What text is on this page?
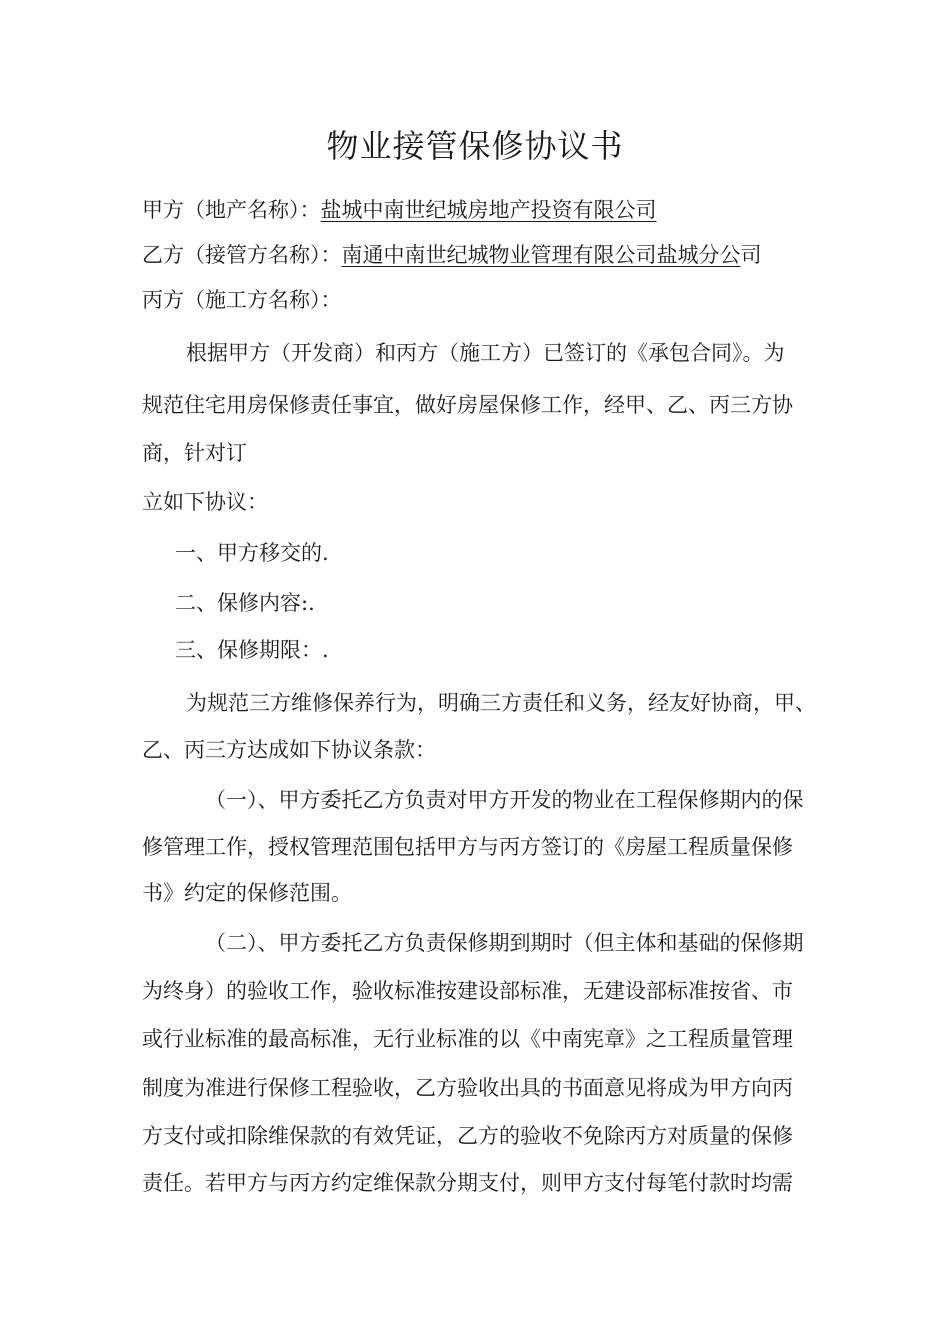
物业接管保修协议书
甲方（地产名称）：盐城中南世纪城房地产投资有限公司
乙方（接管方名称）：南通中南世纪城物业管理有限公司盐城分公司
丙方（施工方名称）：
根据甲方（开发商）和丙方（施工方）已签订的《承包合同》。为
规范住宅用房保修责任事宜，做好房屋保修工作，经甲、乙、丙三方协
商，针对订
立如下协议：
一、甲方移交的.
二、保修内容:.
三、保修期限：.
为规范三方维修保养行为，明确三方责任和义务，经友好协商，甲、
乙、丙三方达成如下协议条款：
（一）、甲方委托乙方负责对甲方开发的物业在工程保修期内的保
修管理工作，授权管理范围包括甲方与丙方签订的《房屋工程质量保修
书》约定的保修范围。
（二）、甲方委托乙方负责保修期到期时（但主体和基础的保修期
为终身）的验收工作，验收标准按建设部标准，无建设部标准按省、市
或行业标准的最高标准，无行业标准的以《中南宪章》之工程质量管理
制度为准进行保修工程验收，乙方验收出具的书面意见将成为甲方向丙
方支付或扣除维保款的有效凭证，乙方的验收不免除丙方对质量的保修
责任。若甲方与丙方约定维保款分期支付，则甲方支付每笔付款时均需
